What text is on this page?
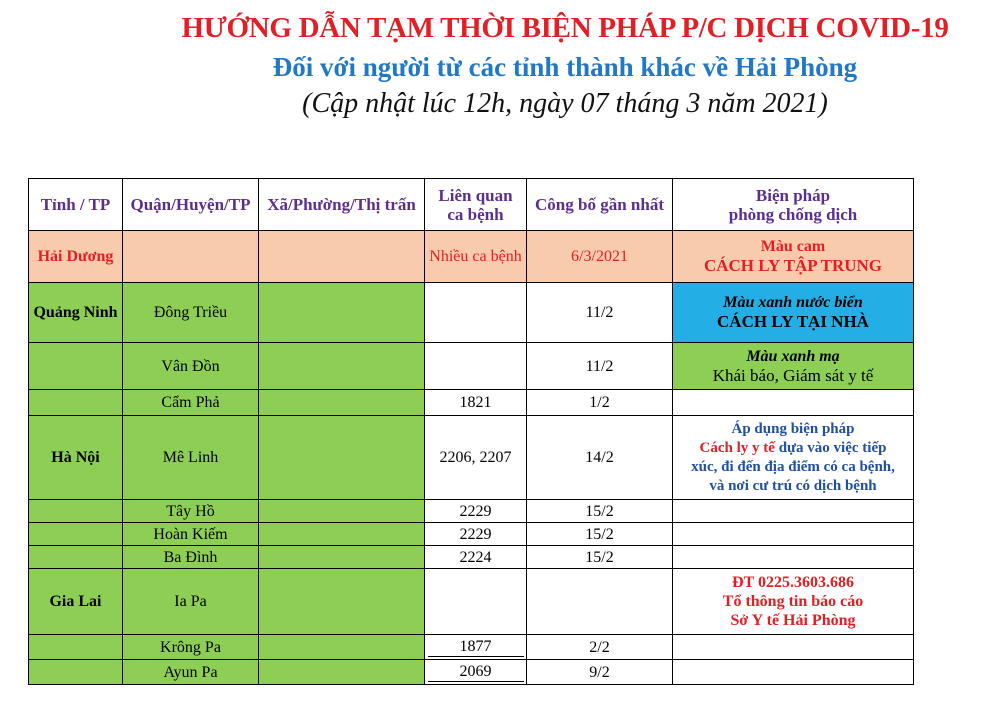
HƯỚNG DẪN TẠM THỜI BIỆN PHÁP P/C DỊCH COVID-19
Đối với người từ các tỉnh thành khác về Hải Phòng
(Cập nhật lúc 12h, ngày 07 tháng 3 năm 2021)
Tỉnh / TP	Quận/Huyện/TP	Xã/Phường/Thị trấn	Liên quan
ca bệnh	Công bố gần nhất	Biện pháp
phòng chống dịch
Hải Dương			Nhiều ca bệnh	6/3/2021	Màu cam
CÁCH LY TẬP TRUNG
Quảng Ninh	Đông Triều			11/2	Màu xanh nước biển
CÁCH LY TẠI NHÀ
	Vân Đồn			11/2	Màu xanh mạ
Khái báo, Giám sát y tế
	Cẩm Phả		1821	1/2	
Hà Nội	Mê Linh		2206, 2207	14/2	Áp dụng biện pháp
Cách ly y tế dựa vào việc tiếp
xúc, đi đến địa điểm có ca bệnh,
và nơi cư trú có dịch bệnh
	Tây Hồ		2229	15/2	
	Hoàn Kiếm		2229	15/2	
	Ba Đình		2224	15/2	
Gia Lai	Ia Pa				ĐT 0225.3603.686
Tổ thông tin báo cáo
Sở Y tế Hải Phòng
	Krông Pa		1877	2/2	
	Ayun Pa		2069	9/2	
